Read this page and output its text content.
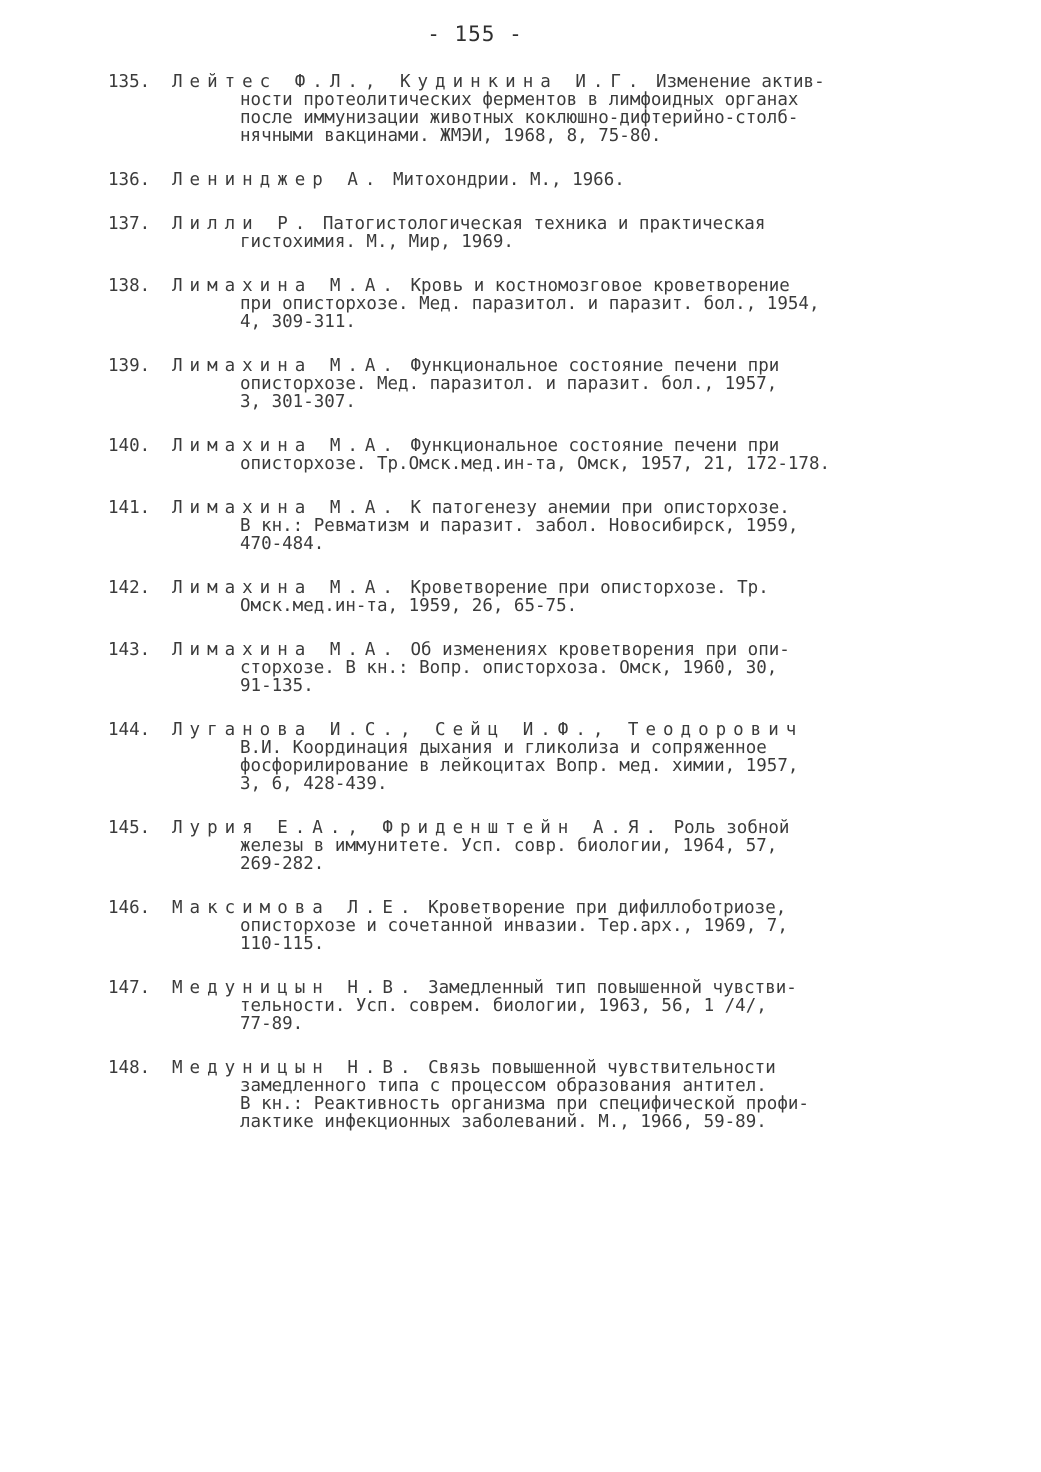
- 155 -
135. Лейтес Ф.Л., Кудинкина И.Г. Изменение актив-
ности протеолитических ферментов в лимфоидных органах
после иммунизации животных коклюшно-дифтерийно-столб-
нячными вакцинами. ЖМЭИ, 1968, 8, 75-80.
136. Ленинджер А. Митохондрии. М., 1966.
137. Лилли Р. Патогистологическая техника и практическая
гистохимия. М., Мир, 1969.
138. Лимахина М.А. Кровь и костномозговое кроветворение
при описторхозе. Мед. паразитол. и паразит. бол., 1954,
4, 309-311.
139. Лимахина М.А. Функциональное состояние печени при
описторхозе. Мед. паразитол. и паразит. бол., 1957,
3, 301-307.
140. Лимахина М.А. Функциональное состояние печени при
описторхозе. Тр.Омск.мед.ин-та, Омск, 1957, 21, 172-178.
141. Лимахина М.А. К патогенезу анемии при описторхозе.
В кн.: Ревматизм и паразит. забол. Новосибирск, 1959,
470-484.
142. Лимахина М.А. Кроветворение при описторхозе. Тр.
Омск.мед.ин-та, 1959, 26, 65-75.
143. Лимахина М.А. Об изменениях кроветворения при опи-
сторхозе. В кн.: Вопр. описторхоза. Омск, 1960, 30,
91-135.
144. Луганова И.С., Сейц И.Ф., Теодорович
В.И. Координация дыхания и гликолиза и сопряженное
фосфорилирование в лейкоцитах Вопр. мед. химии, 1957,
3, 6, 428-439.
145. Лурия Е.А., Фриденштейн А.Я. Роль зобной
железы в иммунитете. Усп. совр. биологии, 1964, 57,
269-282.
146. Максимова Л.Е. Кроветворение при дифиллоботриозе,
описторхозе и сочетанной инвазии. Тер.арх., 1969, 7,
110-115.
147. Медуницын Н.В. Замедленный тип повышенной чувстви-
тельности. Усп. соврем. биологии, 1963, 56, 1 /4/,
77-89.
148. Медуницын Н.В. Связь повышенной чувствительности
замедленного типа с процессом образования антител.
В кн.: Реактивность организма при специфической профи-
лактике инфекционных заболеваний. М., 1966, 59-89.
